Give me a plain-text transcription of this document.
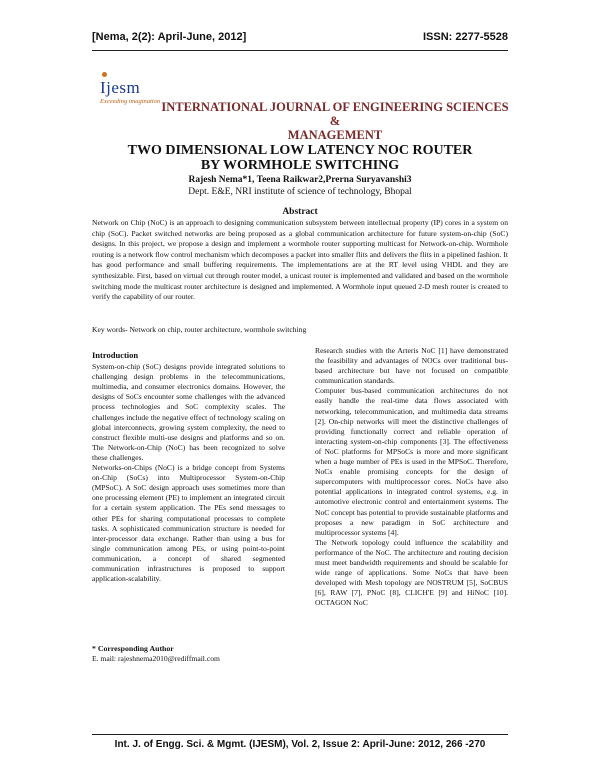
[Nema, 2(2): April-June, 2012]	ISSN: 2277-5528
Ijesm
Exceeding imagination INTERNATIONAL JOURNAL OF ENGINEERING SCIENCES
&
MANAGEMENT
TWO DIMENSIONAL LOW LATENCY NOC ROUTER
BY WORMHOLE SWITCHING
Rajesh Nema*1, Teena Raikwar2,Prerna Suryavanshi3
Dept. E&E, NRI institute of science of technology, Bhopal
Abstract
Network on Chip (NoC) is an approach to designing communication subsystem between intellectual property (IP) cores in a system on chip (SoC). Packet switched networks are being proposed as a global communication architecture for future system-on-chip (SoC) designs. In this project, we propose a design and implement a wormhole router supporting multicast for Network-on-chip. Wormhole routing is a network flow control mechanism which decomposes a packet into smaller flits and delivers the flits in a pipelined fashion. It has good performance and small buffering requirements. The implementations are at the RT level using VHDL and they are synthesizable. First, based on virtual cut through router model, a unicast router is implemented and validated and based on the wormhole switching mode the multicast router architecture is designed and implemented. A Wormhole input queued 2-D mesh router is created to verify the capability of our router.
Key words- Network on chip, router architecture, wormhole switching
Introduction

System-on-chip (SoC) designs provide integrated solutions to challenging design problems in the telecommunications, multimedia, and consumer electronics domains. However, the designs of SoCs encounter some challenges with the advanced process technologies and SoC complexity scales. The challenges include the negative effect of technology scaling on global interconnects, growing system complexity, the need to construct flexible multi-use designs and platforms and so on. The Network-on-Chip (NoC) has been recognized to solve these challenges.

Networks-on-Chips (NoC) is a bridge concept from Systems on-Chip (SoCs) into Multiprocessor System-on-Chip (MPSoC). A SoC design approach uses sometimes more than one processing element (PE) to implement an integrated circuit for a certain system application. The PEs send messages to other PEs for sharing computational processes to complete tasks. A sophisticated communication structure is needed for inter-processor data exchange. Rather than using a bus for single communication among PEs, or using point-to-point communication, a concept of shared segmented communication infrastructures is proposed to support application-scalability.

* Corresponding Author
E. mail: rajeshnema2010@rediffmail.com

Research studies with the Arteris NoC [1] have demonstrated the feasibility and advantages of NOCs over traditional bus-based architecture but have not focused on compatible communication standards.

Computer bus-based communication architectures do not easily handle the real-time data flows associated with networking, telecommunication, and multimedia data streams [2]. On-chip networks will meet the distinctive challenges of providing functionally correct and reliable operation of interacting system-on-chip components [3]. The effectiveness of NoC platforms for MPSoCs is more and more significant when a huge number of PEs is used in the MPSoC. Therefore, NoCs enable promising concepts for the design of supercomputers with multiprocessor cores. NoCs have also potential applications in integrated control systems, e.g. in automotive electronic control and entertainment systems. The NoC concept has potential to provide sustainable platforms and proposes a new paradigm in SoC architecture and multiprocessor systems [4].

The Network topology could influence the scalability and performance of the NoC. The architecture and routing decision must meet bandwidth requirements and should be scalable for wide range of applications. Some NoCs that have been developed with Mesh topology are NOSTRUM [5], SoCBUS [6], RAW [7], PNoC [8], CLICH'E [9] and HiNoC [10]. OCTAGON NoC

Int. J. of Engg. Sci. & Mgmt. (IJESM), Vol. 2, Issue 2: April-June: 2012, 266 -270
